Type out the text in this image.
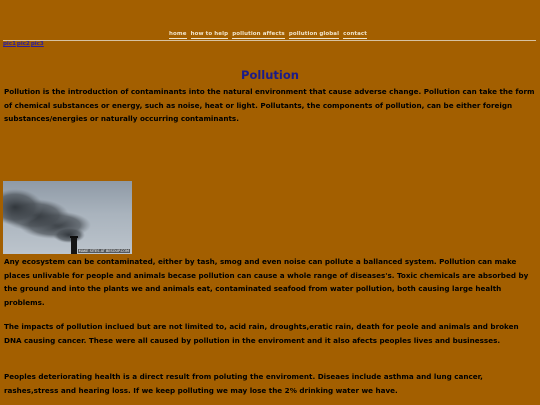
home how to help pollution affects pollution global contact
pic1pic2pic3
Pollution

Pollution is the introduction of contaminants into the natural environment that cause adverse change. Pollution can take the form of chemical substances or energy, such as noise, heat or light. Pollutants, the components of pollution, can be either foreign substances/energies or naturally occurring contaminants.

MAKE SITES AT BESOUP.COM

Any ecosystem can be contaminated, either by tash, smog and even noise can pollute a ballanced system. Pollution can make places unlivable for people and animals becase pollution can cause a whole range of diseases's. Toxic chemicals are absorbed by the ground and into the plants we and animals eat, contaminated seafood from water pollution, both causing large health problems.

The impacts of pollution inclued but are not limited to, acid rain, droughts,eratic rain, death for peole and animals and broken DNA causing cancer. These were all caused by pollution in the enviroment and it also afects peoples lives and businesses.

Peoples deteriorating health is a direct result from poluting the enviroment. Diseaes include asthma and lung cancer, rashes,stress and hearing loss. If we keep polluting we may lose the 2% drinking water we have.
